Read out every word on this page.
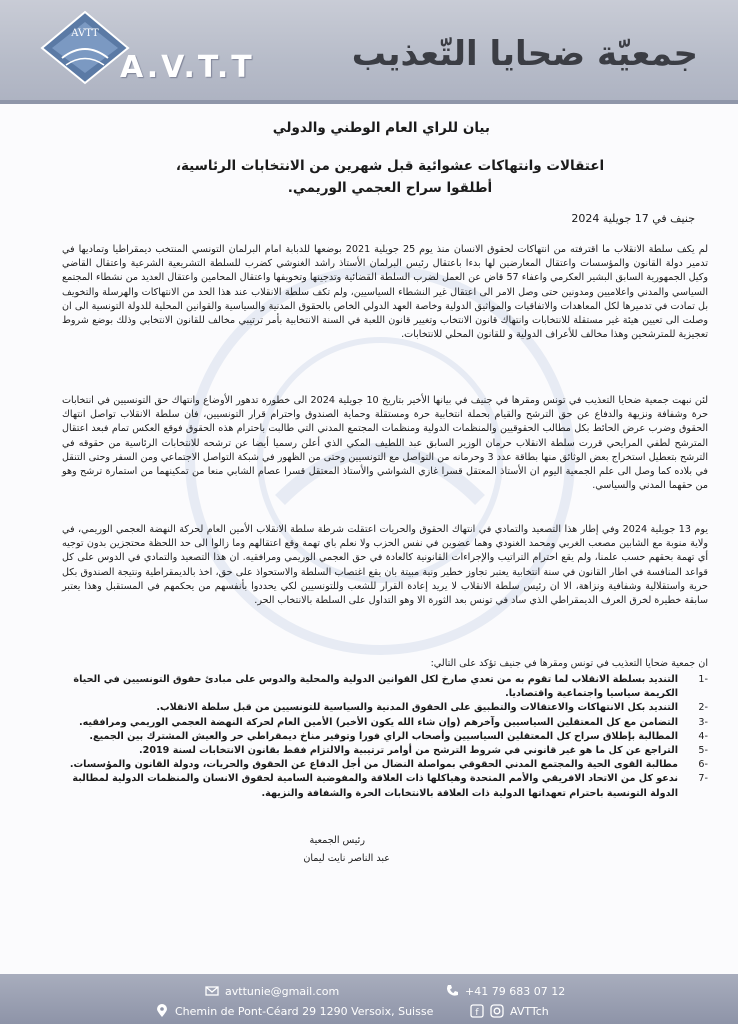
AVTT
A.V.T.T	جمعيّة ضحايا التّعذيب
بيان للراي العام الوطني والدولي
اعتقالات وانتهاكات عشوائية قبل شهرين من الانتخابات الرئاسية،
أطلقوا سراح العجمي الوريمي.
جنيف في 17 جويلية 2024
لم يكف سلطة الانقلاب ما اقترفته من انتهاكات لحقوق الانسان منذ يوم 25 جويلية 2021 بوضعها للدبابة امام البرلمان التونسي المنتخب ديمقراطيا وتماديها في تدمير دولة القانون والمؤسسات واعتقال المعارضين لها بدءا باعتقال رئيس البرلمان الأستاذ راشد الغنوشي كضرب للسلطة التشريعية الشرعية واعتقال القاضي وكيل الجمهورية السابق البشير العكرمي واعفاء 57 قاض عن العمل لضرب السلطة القضائية وتدجينها وتخويفها واعتقال المحامين واعتقال العديد من نشطاء المجتمع السياسي والمدني واعلاميين ومدونين حتى وصل الامر الى اعتقال غير النشطاء السياسيين، ولم تكف سلطة الانقلاب عند هذا الحد من الانتهاكات والهرسلة والتخويف بل تمادت في تدميرها لكل المعاهدات والاتفاقيات والمواثيق الدولية وخاصة العهد الدولي الخاص بالحقوق المدنية والسياسية والقوانين المحلية للدولة التونسية الى ان وصلت الى تعيين هيئة غير مستقلة للانتخابات وانتهاك قانون الانتخاب وتغيير قانون اللعبة في السنة الانتخابية بأمر ترتيبي مخالف للقانون الانتخابي وذلك بوضع شروط تعجيزية للمترشحين وهذا مخالف للأعراف الدولية و للقانون المحلي للانتخابات.
لئن نبهت جمعية ضحايا التعذيب في تونس ومقرها في جنيف في بيانها الأخير بتاريخ 10 جويلية 2024 الى خطورة تدهور الأوضاع وانتهاك حق التونسيين في انتخابات حرة وشفافة ونزيهة والدفاع عن حق الترشح والقيام بحملة انتخابية حرة ومستقلة وحماية الصندوق واحترام قرار التونسيين، فان سلطة الانقلاب تواصل انتهاك الحقوق وضرب عرض الحائط بكل مطالب الحقوقيين والمنظمات الدولية ومنظمات المجتمع المدني التي طالبت باحترام هذه الحقوق فوقع العكس تمام فبعد اعتقال المترشح لطفي المرايحي قررت سلطة الانقلاب حرمان الوزير السابق عبد اللطيف المكي الذي أعلن رسميا أيضا عن ترشحه للانتخابات الرئاسية من حقوقه في الترشح بتعطيل استخراج بعض الوثائق منها بطاقة عدد 3 وحرمانه من التواصل مع التونسيين وحتى من الظهور في شبكة التواصل الاجتماعي ومن السفر وحتى التنقل في بلاده كما وصل الى علم الجمعية اليوم ان الأستاذ المعتقل قسرا غازي الشواشي والأستاذ المعتقل قسرا عصام الشابي منعا من تمكينهما من استمارة ترشح وهو من حقهما المدني والسياسي.
يوم 13 جويلية 2024 وفي إطار هذا التصعيد والتمادي في انتهاك الحقوق والحريات اعتقلت شرطة سلطة الانقلاب الأمين العام لحركة النهضة العجمي الوريمي، في ولاية منوبة مع الشابين مصعب الغربي ومحمد الغنودي وهما عضوين في نفس الحزب ولا نعلم باي تهمة وقع اعتقالهم وما زالوا الى حد اللحظة محتجزين بدون توجيه أي تهمة بحقهم حسب علمنا، ولم يقع احترام التراتيب والإجراءات القانونية كالعادة في حق العجمي الوريمي ومرافقيه. ان هذا التصعيد والتمادي في الدوس على كل قواعد المنافسة في اطار القانون في سنة انتخابية يعتبر تجاوز خطير ونية مبيتة بان يقع اغتصاب السلطة والاستحواذ على حق، اخذ بالديمقراطية ونتيجة الصندوق بكل حرية واستقلالية وشفافية ونزاهة، الا ان رئيس سلطة الانقلاب لا يريد إعادة القرار للشعب وللتونسيين لكي يحددوا بأنفسهم من يحكمهم في المستقبل وهذا يعتبر سابقة خطيرة لخرق العرف الديمقراطي الذي ساد في تونس بعد الثورة الا وهو التداول على السلطة بالانتخاب الحر.
ان جمعية ضحايا التعذيب في تونس ومقرها في جنيف تؤكد على التالي:
-1
التنديد بسلطة الانقلاب لما تقوم به من تعدي صارخ لكل القوانين الدولية والمحلية والدوس على مبادئ حقوق التونسيين في الحياة الكريمة سياسيا واجتماعية واقتصاديا.
-2
التنديد بكل الانتهاكات والاعتقالات والتطبيق على الحقوق المدنية والسياسية للتونسيين من قبل سلطة الانقلاب.
-3
التضامن مع كل المعتقلين السياسيين وآخرهم (وإن شاء الله يكون الأخير) الأمين العام لحركة النهضة العجمي الوريمي ومرافقيه.
-4
المطالبة بإطلاق سراح كل المعتقلين السياسيين وأصحاب الراي فورا وتوفير مناخ ديمقراطي حر والعيش المشترك بين الجميع.
-5
التراجع عن كل ما هو غير قانوني في شروط الترشح من أوامر ترتيبية والالتزام فقط بقانون الانتخابات لسنة 2019.
-6
مطالبة القوى الحية والمجتمع المدني الحقوقي بمواصلة النضال من أجل الدفاع عن الحقوق والحريات، ودولة القانون والمؤسسات.
-7
ندعو كل من الاتحاد الافريقي والأمم المتحدة وهياكلها ذات العلاقة والمفوضية السامية لحقوق الانسان والمنظمات الدولية لمطالبة الدولة التونسية باحترام تعهداتها الدولية ذات العلاقة بالانتخابات الحرة والشفافة والنزيهة.
رئيس الجمعية
عبد الناصر نايت ليمان
avttunie@gmail.com	+41 79 683 07 12
Chemin de Pont-Céard 29 1290 Versoix, Suisse	f	AVTTch
